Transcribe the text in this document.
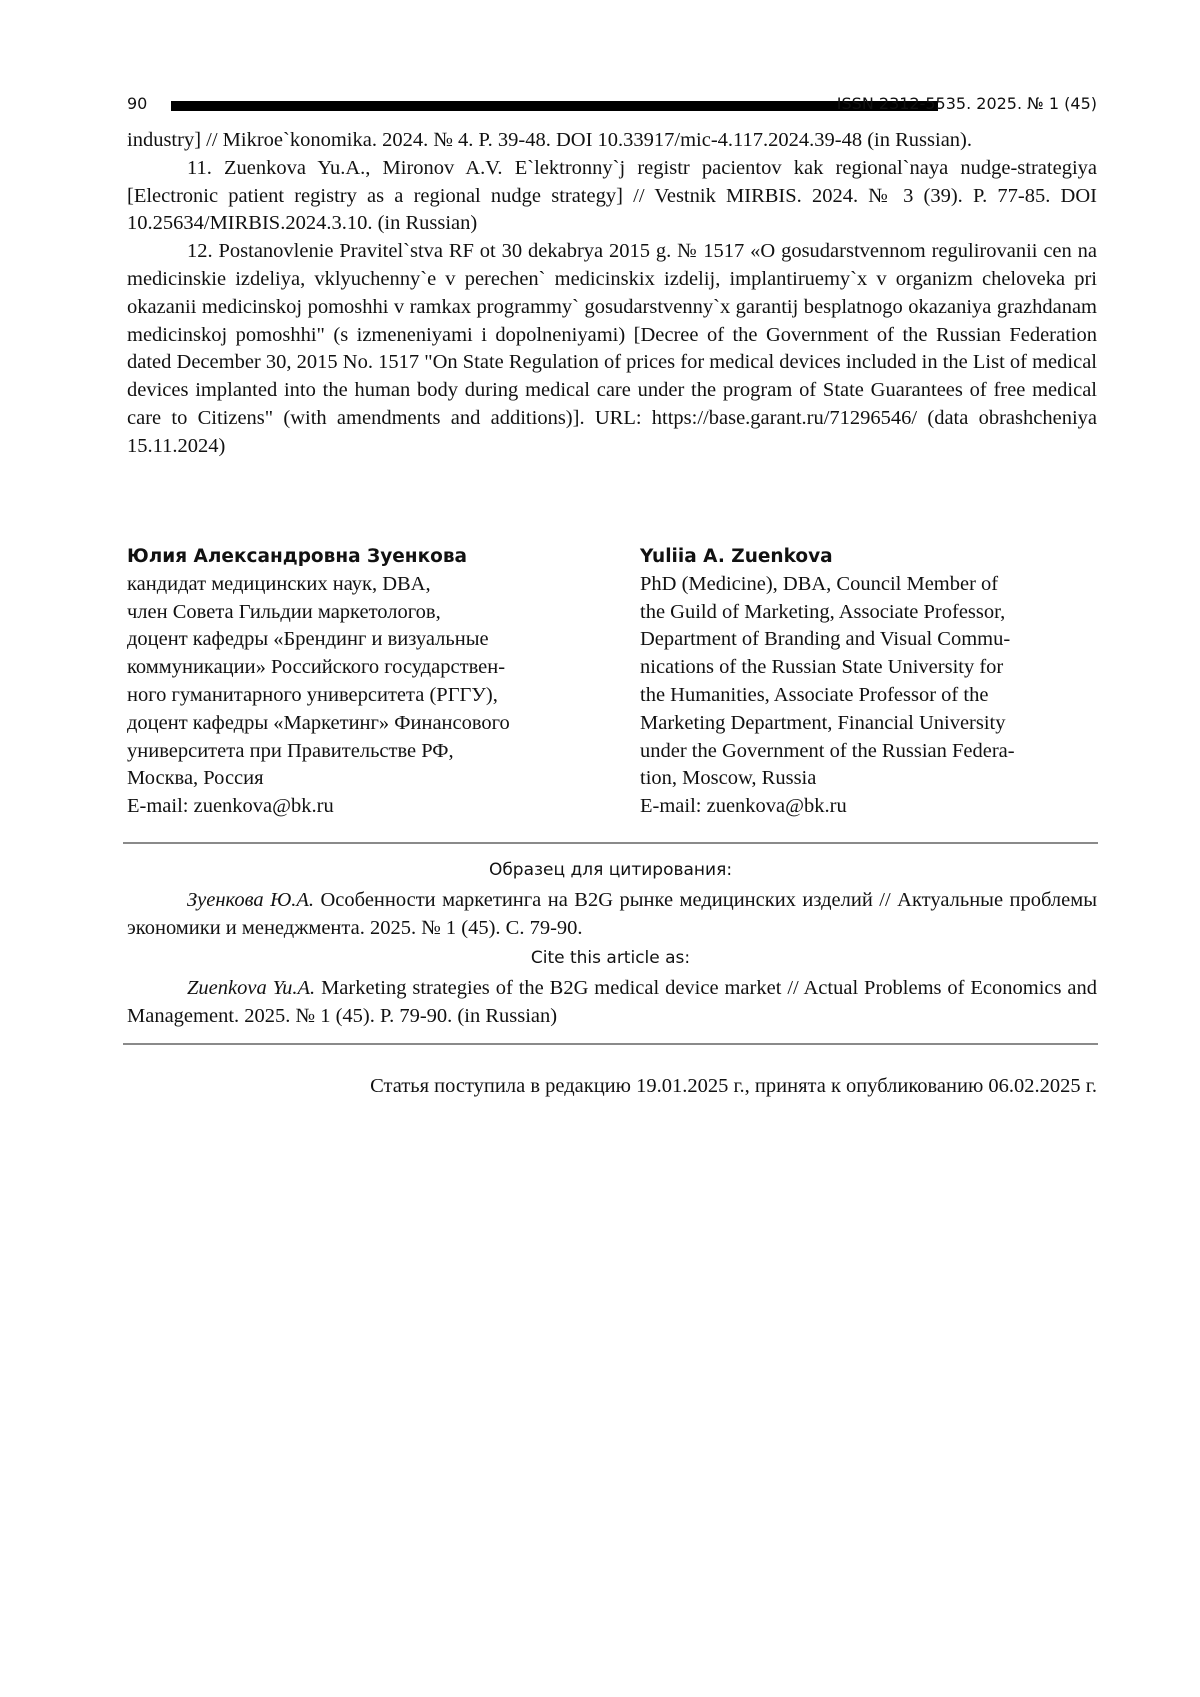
90	ISSN 2312-5535. 2025. № 1 (45)

industry] // Mikroe`konomika. 2024. № 4. P. 39-48. DOI 10.33917/mic-4.117.2024.39-48 (in Russian).

11. Zuenkova Yu.A., Mironov A.V. E`lektronny`j registr pacientov kak regional`naya nudge-strategiya [Electronic patient registry as a regional nudge strategy] // Vestnik MIRBIS. 2024. № 3 (39). P. 77-85. DOI 10.25634/MIRBIS.2024.3.10. (in Russian)

12. Postanovlenie Pravitel`stva RF ot 30 dekabrya 2015 g. № 1517 «O gosudarstvennom regulirovanii cen na medicinskie izdeliya, vklyuchenny`e v perechen` medicinskix izdelij, implantiruemy`x v organizm cheloveka pri okazanii medicinskoj pomoshhi v ramkax programmy` gosudarstvenny`x garantij besplatnogo okazaniya grazhdanam medicinskoj pomoshhi" (s izmeneniyami i dopolneniyami) [Decree of the Government of the Russian Federation dated December 30, 2015 No. 1517 "On State Regulation of prices for medical devices included in the List of medical devices implanted into the human body during medical care under the program of State Guarantees of free medical care to Citizens" (with amendments and additions)]. URL: https://base.garant.ru/71296546/ (data obrashcheniya 15.11.2024)

Юлия Александровна Зуенкова
кандидат медицинских наук, DBA,
член Совета Гильдии маркетологов,
доцент кафедры «Брендинг и визуальные
коммуникации» Российского государствен-
ного гуманитарного университета (РГГУ),
доцент кафедры «Маркетинг» Финансового
университета при Правительстве РФ,
Москва, Россия
E-mail: zuenkova@bk.ru
Yuliia A. Zuenkova
PhD (Medicine), DBA, Council Member of
the Guild of Marketing, Associate Professor,
Department of Branding and Visual Commu-
nications of the Russian State University for
the Humanities, Associate Professor of the
Marketing Department, Financial University
under the Government of the Russian Federa-
tion, Moscow, Russia
E-mail: zuenkova@bk.ru
Образец для цитирования:
Зуенкова Ю.А. Особенности маркетинга на B2G рынке медицинских изделий // Актуальные проблемы экономики и менеджмента. 2025. № 1 (45). С. 79-90.
Cite this article as:
Zuenkova Yu.A. Marketing strategies of the B2G medical device market // Actual Problems of Economics and Management. 2025. № 1 (45). P. 79-90. (in Russian)
Статья поступила в редакцию 19.01.2025 г., принята к опубликованию 06.02.2025 г.
